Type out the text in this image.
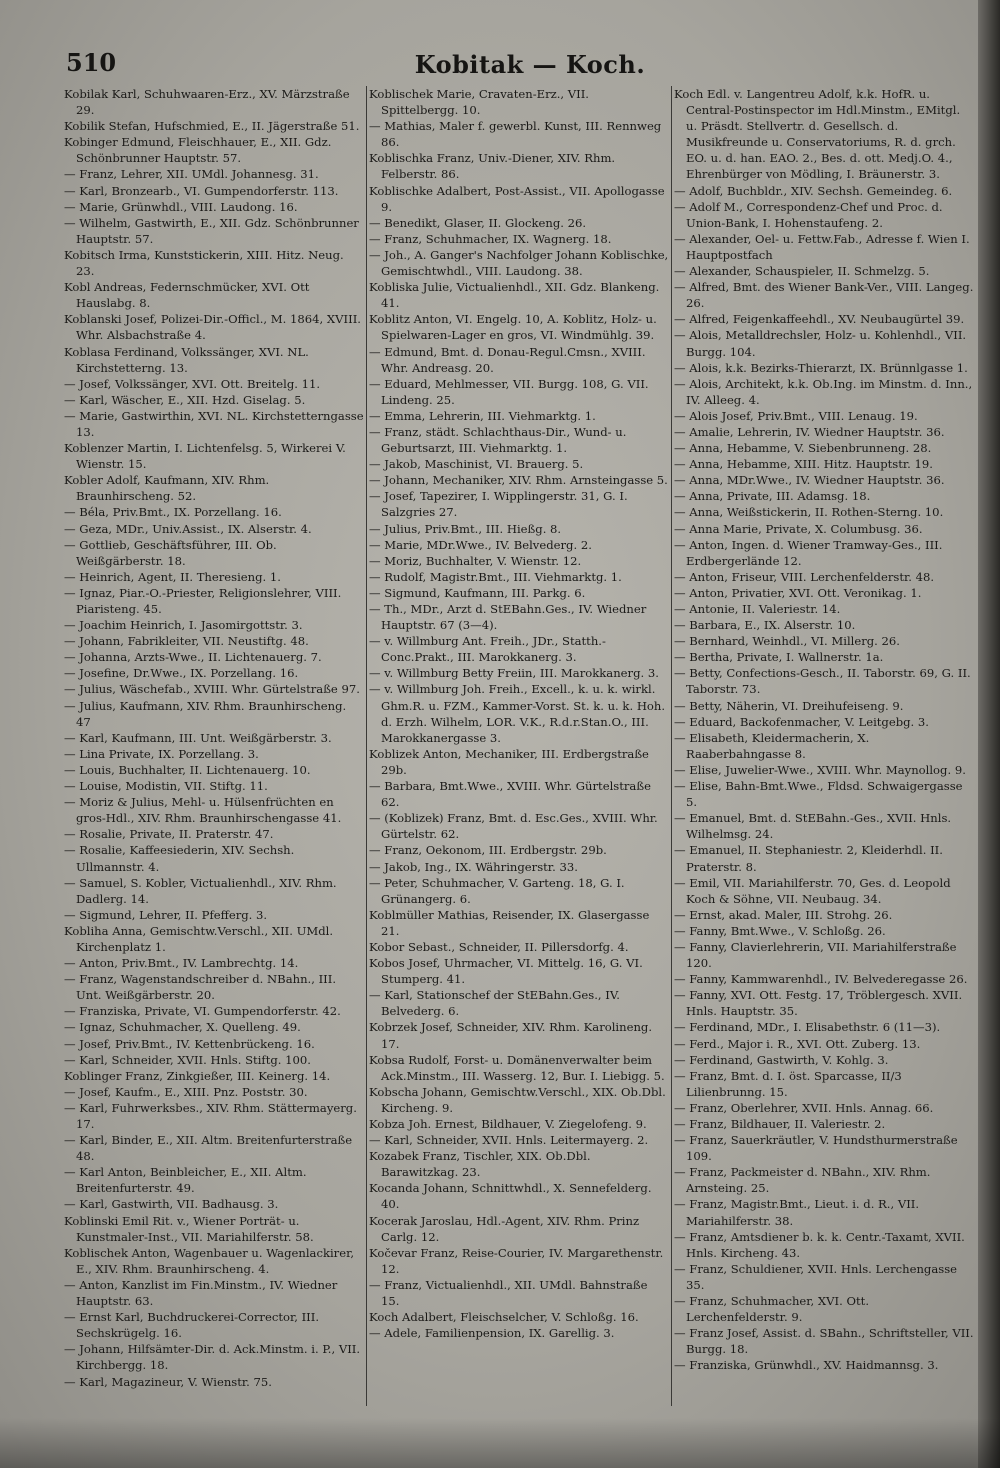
510	Kobitak — Koch.

Kobilak Karl, Schuhwaaren-Erz., XV. Märzstraße 29.

Kobilik Stefan, Hufschmied, E., II. Jägerstraße 51.

Kobinger Edmund, Fleischhauer, E., XII. Gdz. Schönbrunner Hauptstr. 57.

— Franz, Lehrer, XII. UMdl. Johannesg. 31.

— Karl, Bronzearb., VI. Gumpendorferstr. 113.

— Marie, Grünwhdl., VIII. Laudong. 16.

— Wilhelm, Gastwirth, E., XII. Gdz. Schönbrunner Hauptstr. 57.

Kobitsch Irma, Kunststickerin, XIII. Hitz. Neug. 23.

Kobl Andreas, Federnschmücker, XVI. Ott Hauslabg. 8.

Koblanski Josef, Polizei-Dir.-Officl., M. 1864, XVIII. Whr. Alsbachstraße 4.

Koblasa Ferdinand, Volkssänger, XVI. NL. Kirchstetterng. 13.

— Josef, Volkssänger, XVI. Ott. Breitelg. 11.

— Karl, Wäscher, E., XII. Hzd. Giselag. 5.

— Marie, Gastwirthin, XVI. NL. Kirchstetterngasse 13.

Koblenzer Martin, I. Lichtenfelsg. 5, Wirkerei V. Wienstr. 15.

Kobler Adolf, Kaufmann, XIV. Rhm. Braunhirscheng. 52.

— Béla, Priv.Bmt., IX. Porzellang. 16.

— Geza, MDr., Univ.Assist., IX. Alserstr. 4.

— Gottlieb, Geschäftsführer, III. Ob. Weißgärberstr. 18.

— Heinrich, Agent, II. Theresieng. 1.

— Ignaz, Piar.-O.-Priester, Religionslehrer, VIII. Piaristeng. 45.

— Joachim Heinrich, I. Jasomirgottstr. 3.

— Johann, Fabrikleiter, VII. Neustiftg. 48.

— Johanna, Arzts-Wwe., II. Lichtenauerg. 7.

— Josefine, Dr.Wwe., IX. Porzellang. 16.

— Julius, Wäschefab., XVIII. Whr. Gürtelstraße 97.

— Julius, Kaufmann, XIV. Rhm. Braunhirscheng. 47

— Karl, Kaufmann, III. Unt. Weißgärberstr. 3.

— Lina Private, IX. Porzellang. 3.

— Louis, Buchhalter, II. Lichtenauerg. 10.

— Louise, Modistin, VII. Stiftg. 11.

— Moriz & Julius, Mehl- u. Hülsenfrüchten en gros-Hdl., XIV. Rhm. Braunhirschengasse 41.

— Rosalie, Private, II. Praterstr. 47.

— Rosalie, Kaffeesiederin, XIV. Sechsh. Ullmannstr. 4.

— Samuel, S. Kobler, Victualienhdl., XIV. Rhm. Dadlerg. 14.

— Sigmund, Lehrer, II. Pfefferg. 3.

Kobliha Anna, Gemischtw.Verschl., XII. UMdl. Kirchenplatz 1.

— Anton, Priv.Bmt., IV. Lambrechtg. 14.

— Franz, Wagenstandschreiber d. NBahn., III. Unt. Weißgärberstr. 20.

— Franziska, Private, VI. Gumpendorferstr. 42.

— Ignaz, Schuhmacher, X. Quelleng. 49.

— Josef, Priv.Bmt., IV. Kettenbrückeng. 16.

— Karl, Schneider, XVII. Hnls. Stiftg. 100.

Koblinger Franz, Zinkgießer, III. Keinerg. 14.

— Josef, Kaufm., E., XIII. Pnz. Poststr. 30.

— Karl, Fuhrwerksbes., XIV. Rhm. Stättermayerg. 17.

— Karl, Binder, E., XII. Altm. Breitenfurterstraße 48.

— Karl Anton, Beinbleicher, E., XII. Altm. Breitenfurterstr. 49.

— Karl, Gastwirth, VII. Badhausg. 3.

Koblinski Emil Rit. v., Wiener Porträt- u. Kunstmaler-Inst., VII. Mariahilferstr. 58.

Koblischek Anton, Wagenbauer u. Wagenlackirer, E., XIV. Rhm. Braunhirscheng. 4.

— Anton, Kanzlist im Fin.Minstm., IV. Wiedner Hauptstr. 63.

— Ernst Karl, Buchdruckerei-Corrector, III. Sechskrügelg. 16.

— Johann, Hilfsämter-Dir. d. Ack.Minstm. i. P., VII. Kirchbergg. 18.

— Karl, Magazineur, V. Wienstr. 75.

Koblischek Marie, Cravaten-Erz., VII. Spittelbergg. 10.

— Mathias, Maler f. gewerbl. Kunst, III. Rennweg 86.

Koblischka Franz, Univ.-Diener, XIV. Rhm. Felberstr. 86.

Koblischke Adalbert, Post-Assist., VII. Apollogasse 9.

— Benedikt, Glaser, II. Glockeng. 26.

— Franz, Schuhmacher, IX. Wagnerg. 18.

— Joh., A. Ganger's Nachfolger Johann Koblischke, Gemischtwhdl., VIII. Laudong. 38.

Kobliska Julie, Victualienhdl., XII. Gdz. Blankeng. 41.

Koblitz Anton, VI. Engelg. 10, A. Koblitz, Holz- u. Spielwaren-Lager en gros, VI. Windmühlg. 39.

— Edmund, Bmt. d. Donau-Regul.Cmsn., XVIII. Whr. Andreasg. 20.

— Eduard, Mehlmesser, VII. Burgg. 108, G. VII. Lindeng. 25.

— Emma, Lehrerin, III. Viehmarktg. 1.

— Franz, städt. Schlachthaus-Dir., Wund- u. Geburtsarzt, III. Viehmarktg. 1.

— Jakob, Maschinist, VI. Brauerg. 5.

— Johann, Mechaniker, XIV. Rhm. Arnsteingasse 5.

— Josef, Tapezirer, I. Wipplingerstr. 31, G. I. Salzgries 27.

— Julius, Priv.Bmt., III. Hießg. 8.

— Marie, MDr.Wwe., IV. Belvederg. 2.

— Moriz, Buchhalter, V. Wienstr. 12.

— Rudolf, Magistr.Bmt., III. Viehmarktg. 1.

— Sigmund, Kaufmann, III. Parkg. 6.

— Th., MDr., Arzt d. StEBahn.Ges., IV. Wiedner Hauptstr. 67 (3—4).

— v. Willmburg Ant. Freih., JDr., Statth.-Conc.Prakt., III. Marokkanerg. 3.

— v. Willmburg Betty Freiin, III. Marokkanerg. 3.

— v. Willmburg Joh. Freih., Excell., k. u. k. wirkl. Ghm.R. u. FZM., Kammer-Vorst. St. k. u. k. Hoh. d. Erzh. Wilhelm, LOR. V.K., R.d.r.Stan.O., III. Marokkanergasse 3.

Koblizek Anton, Mechaniker, III. Erdbergstraße 29b.

— Barbara, Bmt.Wwe., XVIII. Whr. Gürtelstraße 62.

— (Koblizek) Franz, Bmt. d. Esc.Ges., XVIII. Whr. Gürtelstr. 62.

— Franz, Oekonom, III. Erdbergstr. 29b.

— Jakob, Ing., IX. Währingerstr. 33.

— Peter, Schuhmacher, V. Garteng. 18, G. I. Grünangerg. 6.

Koblmüller Mathias, Reisender, IX. Glasergasse 21.

Kobor Sebast., Schneider, II. Pillersdorfg. 4.

Kobos Josef, Uhrmacher, VI. Mittelg. 16, G. VI. Stumperg. 41.

— Karl, Stationschef der StEBahn.Ges., IV. Belvederg. 6.

Kobrzek Josef, Schneider, XIV. Rhm. Karolineng. 17.

Kobsa Rudolf, Forst- u. Domänenverwalter beim Ack.Minstm., III. Wasserg. 12, Bur. I. Liebigg. 5.

Kobscha Johann, Gemischtw.Verschl., XIX. Ob.Dbl. Kircheng. 9.

Kobza Joh. Ernest, Bildhauer, V. Ziegelofeng. 9.

— Karl, Schneider, XVII. Hnls. Leitermayerg. 2.

Kozabek Franz, Tischler, XIX. Ob.Dbl. Barawitzkag. 23.

Kocanda Johann, Schnittwhdl., X. Sennefelderg. 40.

Kocerak Jaroslau, Hdl.-Agent, XIV. Rhm. Prinz Carlg. 12.

Kočevar Franz, Reise-Courier, IV. Margarethenstr. 12.

— Franz, Victualienhdl., XII. UMdl. Bahnstraße 15.

Koch Adalbert, Fleischselcher, V. Schloßg. 16.

— Adele, Familienpension, IX. Garellig. 3.

Koch Edl. v. Langentreu Adolf, k.k. HofR. u. Central-Postinspector im Hdl.Minstm., EMitgl. u. Präsdt. Stellvertr. d. Gesellsch. d. Musikfreunde u. Conservatoriums, R. d. grch. EO. u. d. han. EAO. 2., Bes. d. ott. Medj.O. 4., Ehrenbürger von Mödling, I. Bräunerstr. 3.

— Adolf, Buchbldr., XIV. Sechsh. Gemeindeg. 6.

— Adolf M., Correspondenz-Chef und Proc. d. Union-Bank, I. Hohenstaufeng. 2.

— Alexander, Oel- u. Fettw.Fab., Adresse f. Wien I. Hauptpostfach

— Alexander, Schauspieler, II. Schmelzg. 5.

— Alfred, Bmt. des Wiener Bank-Ver., VIII. Langeg. 26.

— Alfred, Feigenkaffeehdl., XV. Neubaugürtel 39.

— Alois, Metalldrechsler, Holz- u. Kohlenhdl., VII. Burgg. 104.

— Alois, k.k. Bezirks-Thierarzt, IX. Brünnlgasse 1.

— Alois, Architekt, k.k. Ob.Ing. im Minstm. d. Inn., IV. Alleeg. 4.

— Alois Josef, Priv.Bmt., VIII. Lenaug. 19.

— Amalie, Lehrerin, IV. Wiedner Hauptstr. 36.

— Anna, Hebamme, V. Siebenbrunneng. 28.

— Anna, Hebamme, XIII. Hitz. Hauptstr. 19.

— Anna, MDr.Wwe., IV. Wiedner Hauptstr. 36.

— Anna, Private, III. Adamsg. 18.

— Anna, Weißstickerin, II. Rothen-Sterng. 10.

— Anna Marie, Private, X. Columbusg. 36.

— Anton, Ingen. d. Wiener Tramway-Ges., III. Erdbergerlände 12.

— Anton, Friseur, VIII. Lerchenfelderstr. 48.

— Anton, Privatier, XVI. Ott. Veronikag. 1.

— Antonie, II. Valeriestr. 14.

— Barbara, E., IX. Alserstr. 10.

— Bernhard, Weinhdl., VI. Millerg. 26.

— Bertha, Private, I. Wallnerstr. 1a.

— Betty, Confections-Gesch., II. Taborstr. 69, G. II. Taborstr. 73.

— Betty, Näherin, VI. Dreihufeiseng. 9.

— Eduard, Backofenmacher, V. Leitgebg. 3.

— Elisabeth, Kleidermacherin, X. Raaberbahngasse 8.

— Elise, Juwelier-Wwe., XVIII. Whr. Maynollog. 9.

— Elise, Bahn-Bmt.Wwe., Fldsd. Schwaigergasse 5.

— Emanuel, Bmt. d. StEBahn.-Ges., XVII. Hnls. Wilhelmsg. 24.

— Emanuel, II. Stephaniestr. 2, Kleiderhdl. II. Praterstr. 8.

— Emil, VII. Mariahilferstr. 70, Ges. d. Leopold Koch & Söhne, VII. Neubaug. 34.

— Ernst, akad. Maler, III. Strohg. 26.

— Fanny, Bmt.Wwe., V. Schloßg. 26.

— Fanny, Clavierlehrerin, VII. Mariahilferstraße 120.

— Fanny, Kammwarenhdl., IV. Belvederegasse 26.

— Fanny, XVI. Ott. Festg. 17, Tröblergesch. XVII. Hnls. Hauptstr. 35.

— Ferdinand, MDr., I. Elisabethstr. 6 (11—3).

— Ferd., Major i. R., XVI. Ott. Zuberg. 13.

— Ferdinand, Gastwirth, V. Kohlg. 3.

— Franz, Bmt. d. I. öst. Sparcasse, II/3 Lilienbrunng. 15.

— Franz, Oberlehrer, XVII. Hnls. Annag. 66.

— Franz, Bildhauer, II. Valeriestr. 2.

— Franz, Sauerkräutler, V. Hundsthurmerstraße 109.

— Franz, Packmeister d. NBahn., XIV. Rhm. Arnsteing. 25.

— Franz, Magistr.Bmt., Lieut. i. d. R., VII. Mariahilferstr. 38.

— Franz, Amtsdiener b. k. k. Centr.-Taxamt, XVII. Hnls. Kircheng. 43.

— Franz, Schuldiener, XVII. Hnls. Lerchengasse 35.

— Franz, Schuhmacher, XVI. Ott. Lerchenfelderstr. 9.

— Franz Josef, Assist. d. SBahn., Schriftsteller, VII. Burgg. 18.

— Franziska, Grünwhdl., XV. Haidmannsg. 3.
